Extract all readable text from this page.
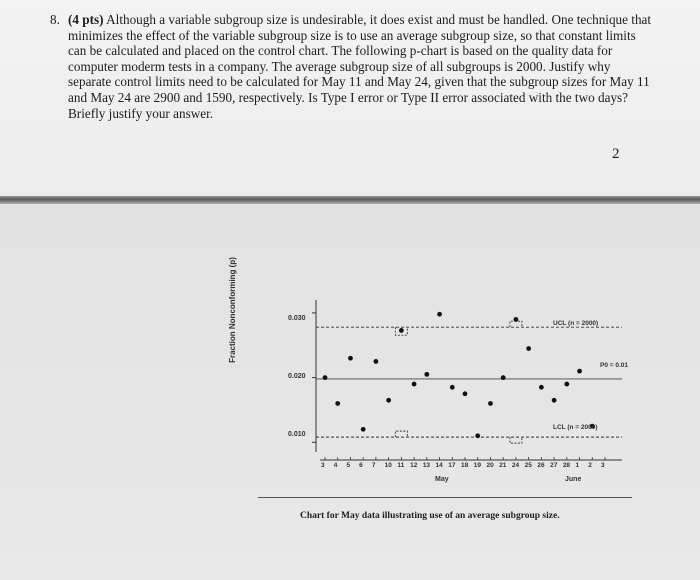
8. (4 pts) Although a variable subgroup size is undesirable, it does exist and must be handled. One technique that minimizes the effect of the variable subgroup size is to use an average subgroup size, so that constant limits can be calculated and placed on the control chart. The following p-chart is based on the quality data for computer moderm tests in a company. The average subgroup size of all subgroups is 2000. Justify why separate control limits need to be calculated for May 11 and May 24, given that the subgroup sizes for May 11 and May 24 are 2900 and 1590, respectively. Is Type I error or Type II error associated with the two days? Briefly justify your answer.
2
Fraction Nonconforming (p)	0.030
0.020
0.010
3 4 5 6 7 10 11 12 13 14 17 18 19 20 21 24 25 26 27 28 1 2 3
May	June
UCL (n = 2000)
P0 = 0.01
LCL (n = 2000)
Chart for May data illustrating use of an average subgroup size.
